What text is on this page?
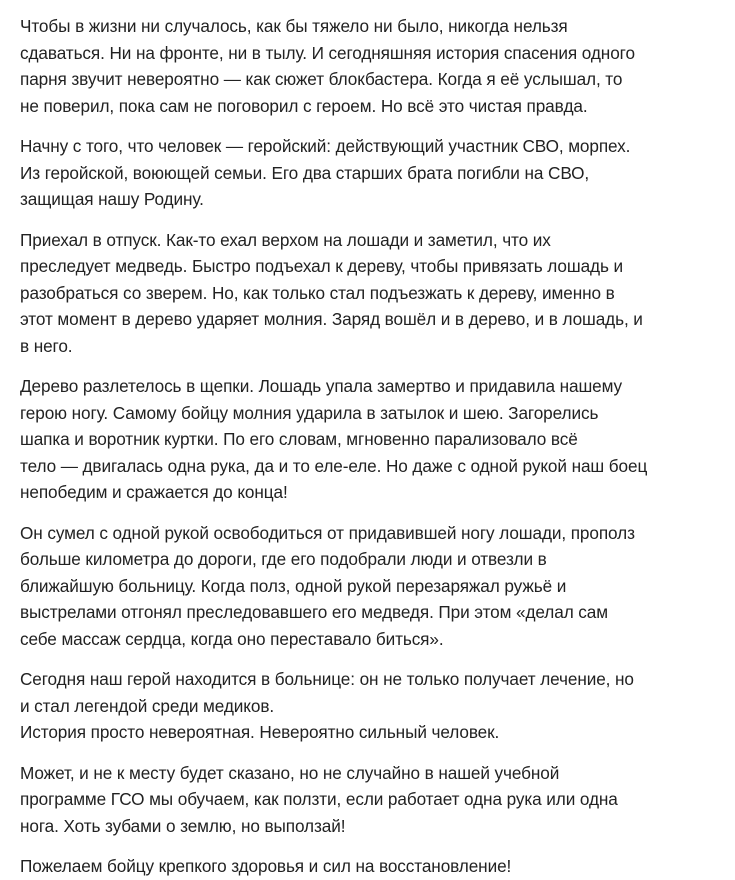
Чтобы в жизни ни случалось, как бы тяжело ни было, никогда нельзя
сдаваться. Ни на фронте, ни в тылу. И сегодняшняя история спасения одного
парня звучит невероятно — как сюжет блокбастера. Когда я её услышал, то
не поверил, пока сам не поговорил с героем. Но всё это чистая правда.

Начну с того, что человек — геройский: действующий участник СВО, морпех.
Из геройской, воюющей семьи. Его два старших брата погибли на СВО,
защищая нашу Родину.

Приехал в отпуск. Как-то ехал верхом на лошади и заметил, что их
преследует медведь. Быстро подъехал к дереву, чтобы привязать лошадь и
разобраться со зверем. Но, как только стал подъезжать к дереву, именно в
этот момент в дерево ударяет молния. Заряд вошёл и в дерево, и в лошадь, и
в него.

Дерево разлетелось в щепки. Лошадь упала замертво и придавила нашему
герою ногу. Самому бойцу молния ударила в затылок и шею. Загорелись
шапка и воротник куртки. По его словам, мгновенно парализовало всё
тело — двигалась одна рука, да и то еле-еле. Но даже с одной рукой наш боец
непобедим и сражается до конца!

Он сумел с одной рукой освободиться от придавившей ногу лошади, прополз
больше километра до дороги, где его подобрали люди и отвезли в
ближайшую больницу. Когда полз, одной рукой перезаряжал ружьё и
выстрелами отгонял преследовавшего его медведя. При этом «делал сам
себе массаж сердца, когда оно переставало биться».

Сегодня наш герой находится в больнице: он не только получает лечение, но
и стал легендой среди медиков.
История просто невероятная. Невероятно сильный человек.

Может, и не к месту будет сказано, но не случайно в нашей учебной
программе ГСО мы обучаем, как ползти, если работает одна рука или одна
нога. Хоть зубами о землю, но выползай!

Пожелаем бойцу крепкого здоровья и сил на восстановление!
